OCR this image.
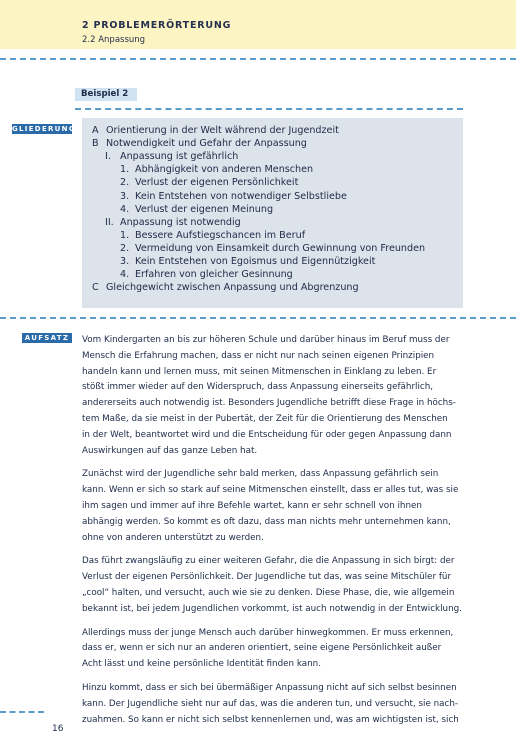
2 PROBLEMERÖRTERUNG
2.2 Anpassung
Beispiel 2
GLIEDERUNG A Orientierung in der Welt während der Jugendzeit
B Notwendigkeit und Gefahr der Anpassung
I. Anpassung ist gefährlich
1. Abhängigkeit von anderen Menschen
2. Verlust der eigenen Persönlichkeit
3. Kein Entstehen von notwendiger Selbstliebe
4. Verlust der eigenen Meinung
II. Anpassung ist notwendig
1. Bessere Aufstiegschancen im Beruf
2. Vermeidung von Einsamkeit durch Gewinnung von Freunden
3. Kein Entstehen von Egoismus und Eigennützigkeit
4. Erfahren von gleicher Gesinnung
C Gleichgewicht zwischen Anpassung und Abgrenzung
AUFSATZ	Vom Kindergarten an bis zur höheren Schule und darüber hinaus im Beruf muss der
Mensch die Erfahrung machen, dass er nicht nur nach seinen eigenen Prinzipien
handeln kann und lernen muss, mit seinen Mitmenschen in Einklang zu leben. Er
stößt immer wieder auf den Widerspruch, dass Anpassung einerseits gefährlich,
andererseits auch notwendig ist. Besonders Jugendliche betrifft diese Frage in höchs-
tem Maße, da sie meist in der Pubertät, der Zeit für die Orientierung des Menschen
in der Welt, beantwortet wird und die Entscheidung für oder gegen Anpassung dann
Auswirkungen auf das ganze Leben hat.

Zunächst wird der Jugendliche sehr bald merken, dass Anpassung gefährlich sein
kann. Wenn er sich so stark auf seine Mitmenschen einstellt, dass er alles tut, was sie
ihm sagen und immer auf ihre Befehle wartet, kann er sehr schnell von ihnen
abhängig werden. So kommt es oft dazu, dass man nichts mehr unternehmen kann,
ohne von anderen unterstützt zu werden.

Das führt zwangsläufig zu einer weiteren Gefahr, die die Anpassung in sich birgt: der
Verlust der eigenen Persönlichkeit. Der Jugendliche tut das, was seine Mitschüler für
„cool“ halten, und versucht, auch wie sie zu denken. Diese Phase, die, wie allgemein
bekannt ist, bei jedem Jugendlichen vorkommt, ist auch notwendig in der Entwicklung.

Allerdings muss der junge Mensch auch darüber hinwegkommen. Er muss erkennen,
dass er, wenn er sich nur an anderen orientiert, seine eigene Persönlichkeit außer
Acht lässt und keine persönliche Identität finden kann.

Hinzu kommt, dass er sich bei übermäßiger Anpassung nicht auf sich selbst besinnen
kann. Der Jugendliche sieht nur auf das, was die anderen tun, und versucht, sie nach-
zuahmen. So kann er nicht sich selbst kennenlernen und, was am wichtigsten ist, sich

16
